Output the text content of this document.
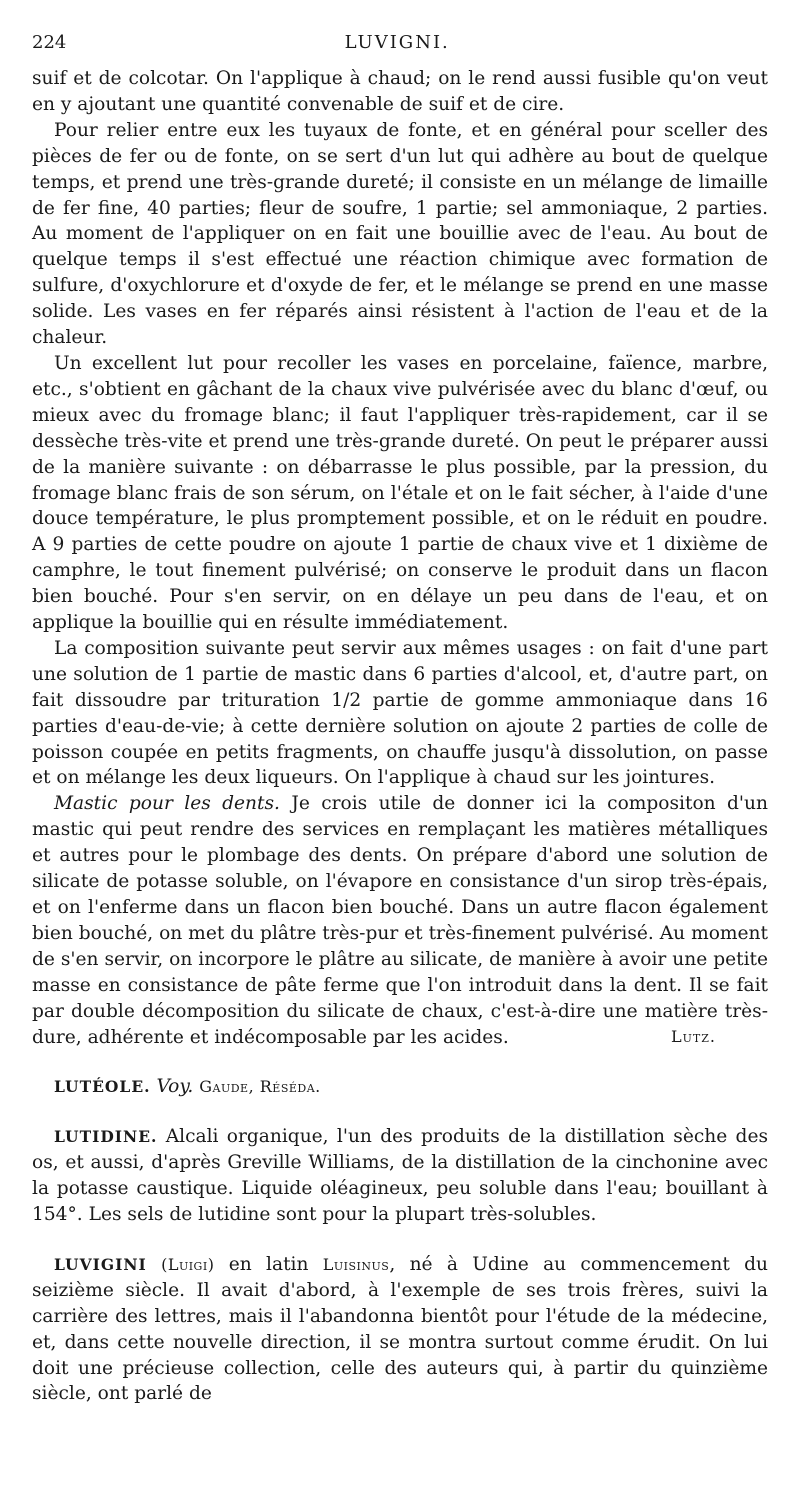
224	LUVIGNI.

suif et de colcotar. On l'applique à chaud; on le rend aussi fusible qu'on veut en y ajoutant une quantité convenable de suif et de cire.

Pour relier entre eux les tuyaux de fonte, et en général pour sceller des pièces de fer ou de fonte, on se sert d'un lut qui adhère au bout de quelque temps, et prend une très-grande dureté; il consiste en un mélange de limaille de fer fine, 40 parties; fleur de soufre, 1 partie; sel ammoniaque, 2 parties. Au moment de l'appliquer on en fait une bouillie avec de l'eau. Au bout de quelque temps il s'est effectué une réaction chimique avec formation de sulfure, d'oxychlorure et d'oxyde de fer, et le mélange se prend en une masse solide. Les vases en fer réparés ainsi résistent à l'action de l'eau et de la chaleur.

Un excellent lut pour recoller les vases en porcelaine, faïence, marbre, etc., s'obtient en gâchant de la chaux vive pulvérisée avec du blanc d'œuf, ou mieux avec du fromage blanc; il faut l'appliquer très-rapidement, car il se dessèche très-vite et prend une très-grande dureté. On peut le préparer aussi de la manière suivante : on débarrasse le plus possible, par la pression, du fromage blanc frais de son sérum, on l'étale et on le fait sécher, à l'aide d'une douce température, le plus promptement possible, et on le réduit en poudre. A 9 parties de cette poudre on ajoute 1 partie de chaux vive et 1 dixième de camphre, le tout finement pulvérisé; on conserve le produit dans un flacon bien bouché. Pour s'en servir, on en délaye un peu dans de l'eau, et on applique la bouillie qui en résulte immédiatement.

La composition suivante peut servir aux mêmes usages : on fait d'une part une solution de 1 partie de mastic dans 6 parties d'alcool, et, d'autre part, on fait dissoudre par trituration 1/2 partie de gomme ammoniaque dans 16 parties d'eau-de-vie; à cette dernière solution on ajoute 2 parties de colle de poisson coupée en petits fragments, on chauffe jusqu'à dissolution, on passe et on mélange les deux liqueurs. On l'applique à chaud sur les jointures.

Mastic pour les dents. Je crois utile de donner ici la compositon d'un mastic qui peut rendre des services en remplaçant les matières métalliques et autres pour le plombage des dents. On prépare d'abord une solution de silicate de potasse soluble, on l'évapore en consistance d'un sirop très-épais, et on l'enferme dans un flacon bien bouché. Dans un autre flacon également bien bouché, on met du plâtre très-pur et très-finement pulvérisé. Au moment de s'en servir, on incorpore le plâtre au silicate, de manière à avoir une petite masse en consistance de pâte ferme que l'on introduit dans la dent. Il se fait par double décomposition du silicate de chaux, c'est-à-dire une matière très-dure, adhérente et indécomposable par les acides.	Lutz.

LUTÉOLE. Voy. Gaude, Réséda.

LUTIDINE. Alcali organique, l'un des produits de la distillation sèche des os, et aussi, d'après Greville Williams, de la distillation de la cinchonine avec la potasse caustique. Liquide oléagineux, peu soluble dans l'eau; bouillant à 154°. Les sels de lutidine sont pour la plupart très-solubles.

LUVIGINI (Luigi) en latin Luisinus, né à Udine au commencement du seizième siècle. Il avait d'abord, à l'exemple de ses trois frères, suivi la carrière des lettres, mais il l'abandonna bientôt pour l'étude de la médecine, et, dans cette nouvelle direction, il se montra surtout comme érudit. On lui doit une précieuse collection, celle des auteurs qui, à partir du quinzième siècle, ont parlé de
